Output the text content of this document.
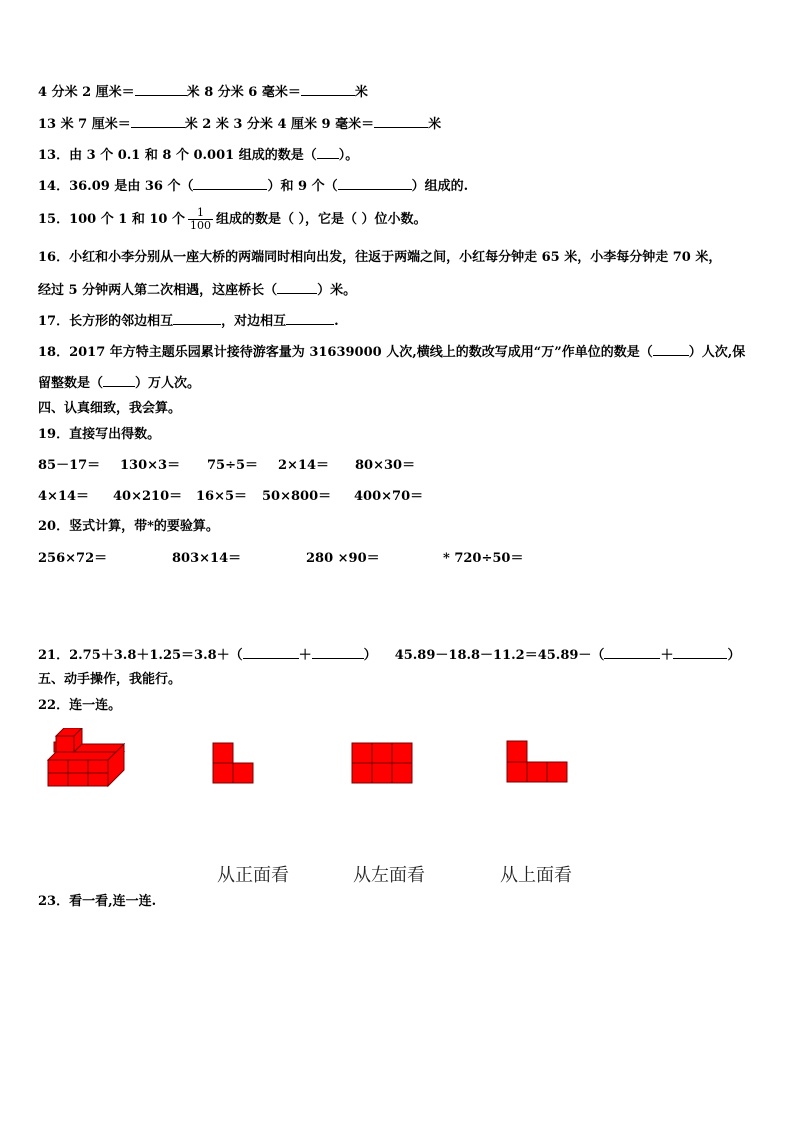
4 分米 2 厘米＝	米 8 分米 6 毫米＝	米
13 米 7 厘米＝	米 2 米 3 分米 4 厘米 9 毫米＝	米
13．由 3 个 0.1 和 8 个 0.001 组成的数是（ ）。
14．36.09 是由 36 个（	）和 9 个（	）组成的.
15．100 个 1 和 10 个 $\frac{1}{100}$ 组成的数是（ ），它是（ ）位小数。
16．小红和小李分别从一座大桥的两端同时相向出发，往返于两端之间，小红每分钟走 65 米，小李每分钟走 70 米，
经过 5 分钟两人第二次相遇，这座桥长（	）米。
17．长方形的邻边相互	，对边相互	.
18．2017 年方特主题乐园累计接待游客量为 31639000 人次,横线上的数改写成用“万”作单位的数是（	）人次,保
留整数是（ ）万人次。
四、认真细致，我会算。
19．直接写出得数。
85－17＝ 130×3＝ 75÷5＝ 2×14＝ 80×30＝
4×14＝ 40×210＝ 16×5＝ 50×800＝ 400×70＝
20．竖式计算，带*的要验算。
256×72＝	803×14＝	280 ×90＝	* 720÷50＝
21．2.75＋3.8＋1.25＝3.8＋（	＋	） 45.89－18.8－11.2＝45.89－（	＋	）
五、动手操作，我能行。
22．连一连。
从正面看	从左面看	从上面看
23．看一看,连一连.
